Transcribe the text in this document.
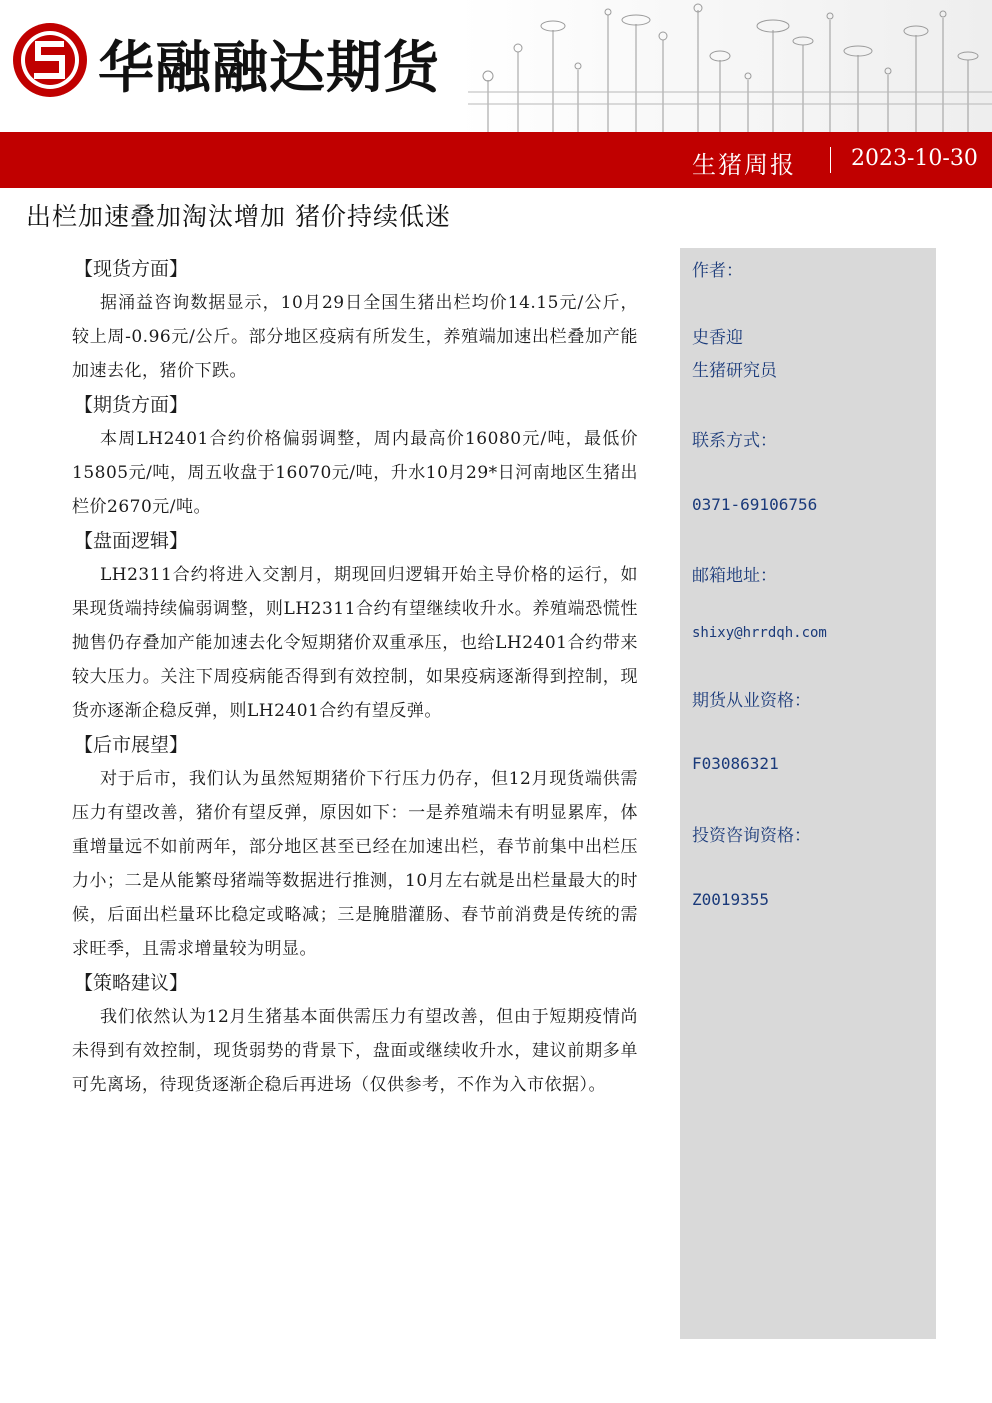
华融融达期货
生猪周报	2023-10-30
出栏加速叠加淘汰增加 猪价持续低迷
【现货方面】

据涌益咨询数据显示，10月29日全国生猪出栏均价14.15元/公斤，较上周-0.96元/公斤。部分地区疫病有所发生，养殖端加速出栏叠加产能加速去化，猪价下跌。

【期货方面】

本周LH2401合约价格偏弱调整，周内最高价16080元/吨，最低价15805元/吨，周五收盘于16070元/吨，升水10月29*日河南地区生猪出栏价2670元/吨。

【盘面逻辑】

LH2311合约将进入交割月，期现回归逻辑开始主导价格的运行，如果现货端持续偏弱调整，则LH2311合约有望继续收升水。养殖端恐慌性抛售仍存叠加产能加速去化令短期猪价双重承压，也给LH2401合约带来较大压力。关注下周疫病能否得到有效控制，如果疫病逐渐得到控制，现货亦逐渐企稳反弹，则LH2401合约有望反弹。

【后市展望】

对于后市，我们认为虽然短期猪价下行压力仍存，但12月现货端供需压力有望改善，猪价有望反弹，原因如下：一是养殖端未有明显累库，体重增量远不如前两年，部分地区甚至已经在加速出栏，春节前集中出栏压力小；二是从能繁母猪端等数据进行推测，10月左右就是出栏量最大的时候，后面出栏量环比稳定或略减；三是腌腊灌肠、春节前消费是传统的需求旺季，且需求增量较为明显。

【策略建议】

我们依然认为12月生猪基本面供需压力有望改善，但由于短期疫情尚未得到有效控制，现货弱势的背景下，盘面或继续收升水，建议前期多单可先离场，待现货逐渐企稳后再进场（仅供参考，不作为入市依据）。

作者：
史香迎
生猪研究员
联系方式：
0371-69106756
邮箱地址：
shixy@hrrdqh.com
期货从业资格：
F03086321
投资咨询资格：
Z0019355
